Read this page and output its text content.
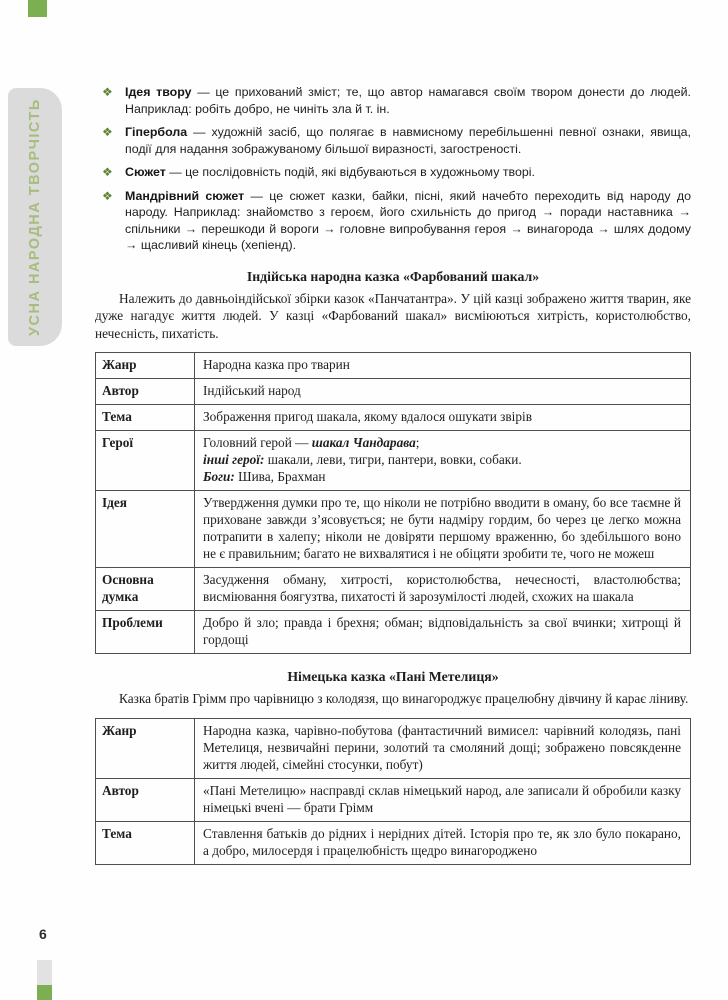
УСНА НАРОДНА ТВОРЧІСТЬ
6
❖ Ідея твору — це прихований зміст; те, що автор намагався своїм твором донести до людей. Наприклад: робіть добро, не чиніть зла й т. ін.
❖ Гіпербола — художній засіб, що полягає в навмисному перебільшенні певної ознаки, явища, події для надання зображуваному більшої виразності, загостреності.
❖ Сюжет — це послідовність подій, які відбуваються в художньому творі.
❖ Мандрівний сюжет — це сюжет казки, байки, пісні, який начебто переходить від народу до народу. Наприклад: знайомство з героєм, його схильність до пригод → поради наставника → спільники → перешкоди й вороги → головне випробування героя → винагорода → шлях додому → щасливий кінець (хепіенд).
Індійська народна казка «Фарбований шакал»
Належить до давньоіндійської збірки казок «Панчатантра». У цій казці зображено життя тварин, яке дуже нагадує життя людей. У казці «Фарбований шакал» висміюються хитрість, користолюбство, нечесність, пихатість.
Жанр	Народна казка про тварин
Автор	Індійський народ
Тема	Зображення пригод шакала, якому вдалося ошукати звірів
Герої	Головний герой — шакал Чандарава;
інші герої: шакали, леви, тигри, пантери, вовки, собаки.
Боги: Шива, Брахман

Ідея	Утвердження думки про те, що ніколи не потрібно вводити в оману, бо все таємне й приховане завжди зʼясовується; не бути надміру гордим, бо через це легко можна потрапити в халепу; ніколи не довіряти першому враженню, бо здебільшого воно не є правильним; багато не вихвалятися і не обіцяти зробити те, чого не можеш
Основна думка	Засудження обману, хитрості, користолюбства, нечесності, властолюбства; висміювання боягузтва, пихатості й зарозумілості людей, схожих на шакала
Проблеми	Добро й зло; правда і брехня; обман; відповідальність за свої вчинки; хитрощі й гордощі
Німецька казка «Пані Метелиця»
Казка братів Грімм про чарівницю з колодязя, що винагороджує працелюбну дівчину й карає ліниву.
Жанр	Народна казка, чарівно-побутова (фантастичний вимисел: чарівний колодязь, пані Метелиця, незвичайні перини, золотий та смоляний дощі; зображено повсякденне життя людей, сімейні стосунки, побут)
Автор	«Пані Метелицю» насправді склав німецький народ, але записали й обробили казку німецькі вчені — брати Грімм
Тема	Ставлення батьків до рідних і нерідних дітей. Історія про те, як зло було покарано, а добро, милосердя і працелюбність щедро винагороджено
